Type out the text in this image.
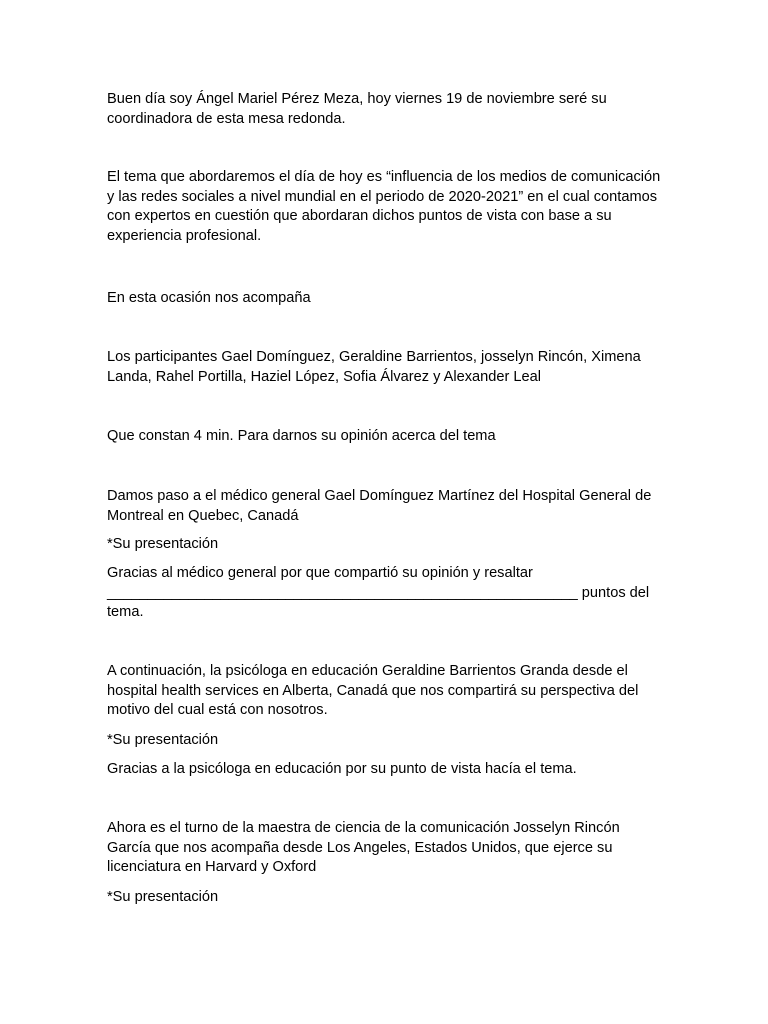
Buen día soy Ángel Mariel Pérez Meza, hoy viernes 19 de noviembre seré su coordinadora de esta mesa redonda.

El tema que abordaremos el día de hoy es “influencia de los medios de comunicación y las redes sociales a nivel mundial en el periodo de 2020-2021” en el cual contamos con expertos en cuestión que abordaran dichos puntos de vista con base a su experiencia profesional.

En esta ocasión nos acompaña

Los participantes Gael Domínguez, Geraldine Barrientos, josselyn Rincón, Ximena Landa, Rahel Portilla, Haziel López, Sofia Álvarez y Alexander Leal

Que constan 4 min. Para darnos su opinión acerca del tema

Damos paso a el médico general Gael Domínguez Martínez del Hospital General de Montreal en Quebec, Canadá

*Su presentación

Gracias al médico general por que compartió su opinión y resaltar __________________________________________________________ puntos del tema.

A continuación, la psicóloga en educación Geraldine Barrientos Granda desde el hospital health services en Alberta, Canadá que nos compartirá su perspectiva del motivo del cual está con nosotros.

*Su presentación

Gracias a la psicóloga en educación por su punto de vista hacía el tema.

Ahora es el turno de la maestra de ciencia de la comunicación Josselyn Rincón García que nos acompaña desde Los Angeles, Estados Unidos, que ejerce su licenciatura en Harvard y Oxford

*Su presentación
